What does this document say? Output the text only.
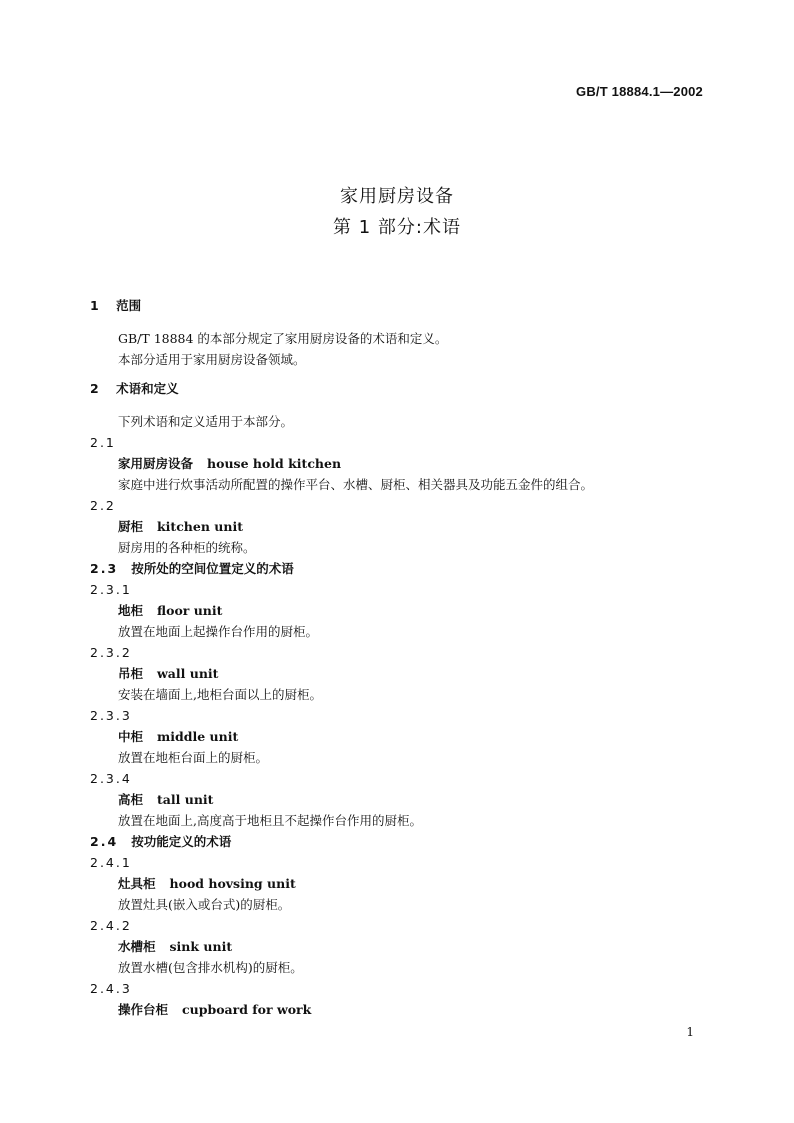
GB/T 18884.1—2002
家用厨房设备
第 1 部分:术语
1 范围
GB/T 18884 的本部分规定了家用厨房设备的术语和定义。
本部分适用于家用厨房设备领域。
2 术语和定义
下列术语和定义适用于本部分。
2.1
家用厨房设备 house hold kitchen
家庭中进行炊事活动所配置的操作平台、水槽、厨柜、相关器具及功能五金件的组合。
2.2
厨柜 kitchen unit
厨房用的各种柜的统称。
2.3 按所处的空间位置定义的术语
2.3.1
地柜 floor unit
放置在地面上起操作台作用的厨柜。
2.3.2
吊柜 wall unit
安装在墙面上,地柜台面以上的厨柜。
2.3.3
中柜 middle unit
放置在地柜台面上的厨柜。
2.3.4
高柜 tall unit
放置在地面上,高度高于地柜且不起操作台作用的厨柜。
2.4 按功能定义的术语
2.4.1
灶具柜 hood hovsing unit
放置灶具(嵌入或台式)的厨柜。
2.4.2
水槽柜 sink unit
放置水槽(包含排水机构)的厨柜。
2.4.3
操作台柜 cupboard for work
1
